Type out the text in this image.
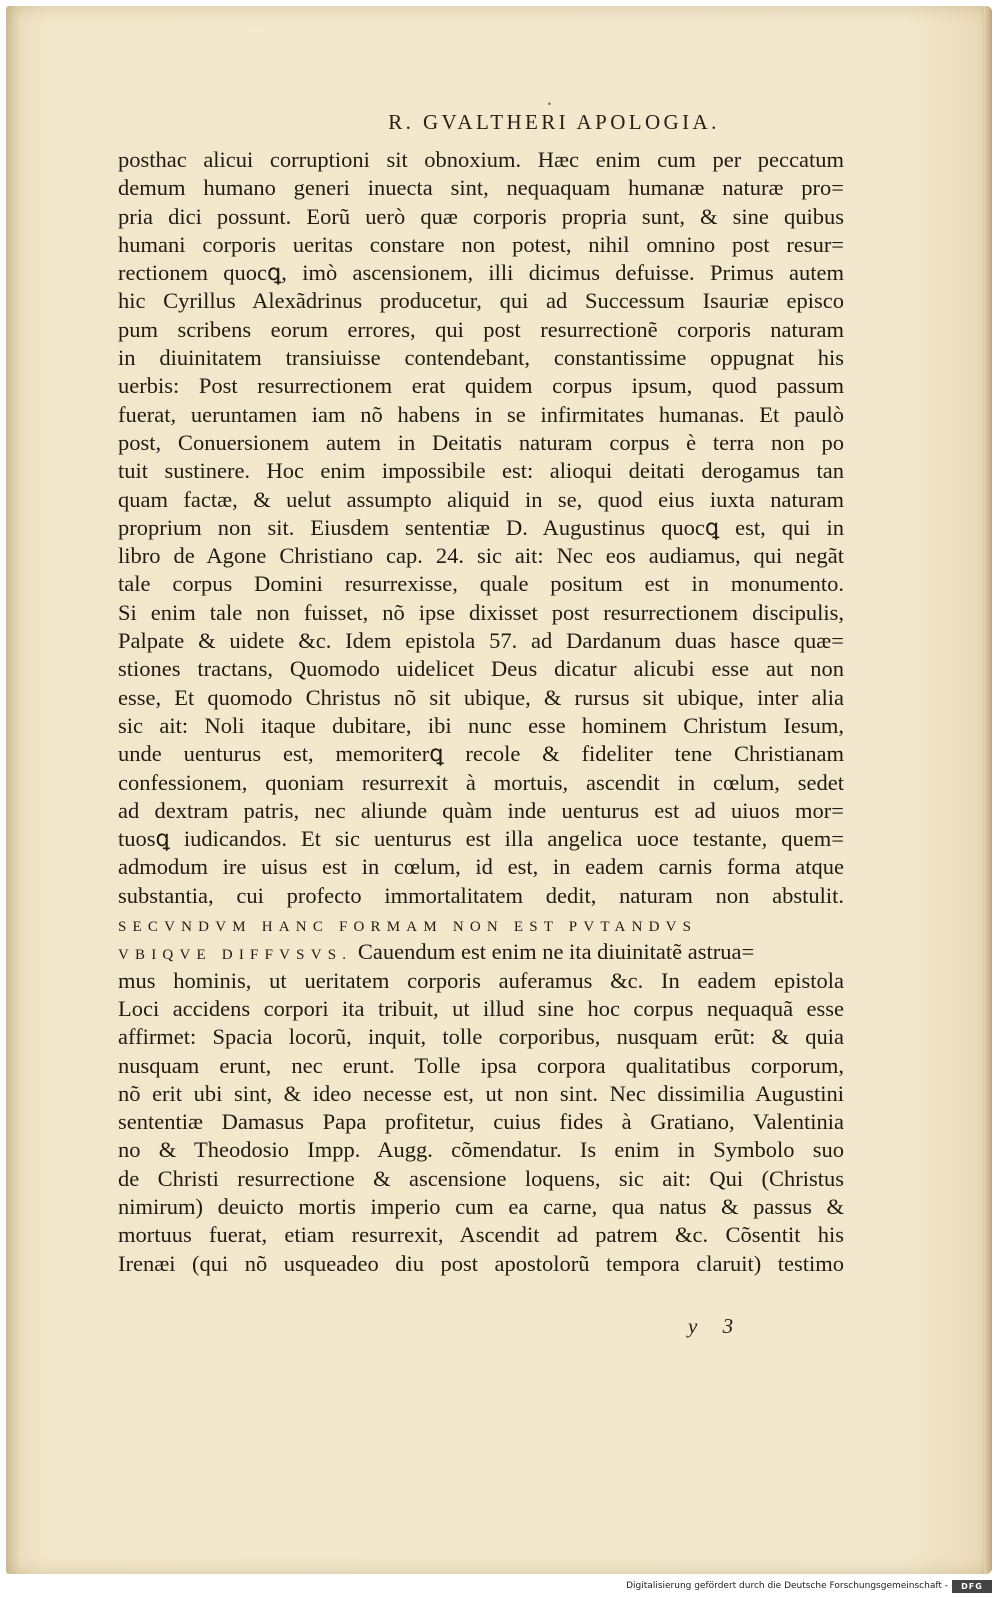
•
R. GVALTHERI APOLOGIA.
posthac alicui corruptioni sit obnoxium. Hæc enim cum per peccatum
demum humano generi inuecta sint, nequaquam humanæ naturæ pro=
pria dici possunt. Eorũ uerò quæ corporis propria sunt, & sine quibus
humani corporis ueritas constare non potest, nihil omnino post resur=
rectionem quocꝗ, imò ascensionem, illi dicimus defuisse. Primus autem
hic Cyrillus Alexãdrinus producetur, qui ad Successum Isauriæ episco
pum scribens eorum errores, qui post resurrectionẽ corporis naturam
in diuinitatem transiuisse contendebant, constantissime oppugnat his
uerbis: Post resurrectionem erat quidem corpus ipsum, quod passum
fuerat, ueruntamen iam nõ habens in se infirmitates humanas. Et paulò
post, Conuersionem autem in Deitatis naturam corpus è terra non po
tuit sustinere. Hoc enim impossibile est: alioqui deitati derogamus tan
quam factæ, & uelut assumpto aliquid in se, quod eius iuxta naturam
proprium non sit. Eiusdem sententiæ D. Augustinus quocꝗ est, qui in
libro de Agone Christiano cap. 24. sic ait: Nec eos audiamus, qui negãt
tale corpus Domini resurrexisse, quale positum est in monumento.
Si enim tale non fuisset, nõ ipse dixisset post resurrectionem discipulis,
Palpate & uidete &c. Idem epistola 57. ad Dardanum duas hasce quæ=
stiones tractans, Quomodo uidelicet Deus dicatur alicubi esse aut non
esse, Et quomodo Christus nõ sit ubique, & rursus sit ubique, inter alia
sic ait: Noli itaque dubitare, ibi nunc esse hominem Christum Iesum,
unde uenturus est, memoriterꝗ recole & fideliter tene Christianam
confessionem, quoniam resurrexit à mortuis, ascendit in cœlum, sedet
ad dextram patris, nec aliunde quàm inde uenturus est ad uiuos mor=
tuosꝗ iudicandos. Et sic uenturus est illa angelica uoce testante, quem=
admodum ire uisus est in cœlum, id est, in eadem carnis forma atque
substantia, cui profecto immortalitatem dedit, naturam non abstulit.
SECVNDVM HANC FORMAM NON EST PVTANDVS
VBIQVE DIFFVSVS. Cauendum est enim ne ita diuinitatẽ astrua=
mus hominis, ut ueritatem corporis auferamus &c. In eadem epistola
Loci accidens corpori ita tribuit, ut illud sine hoc corpus nequaquã esse
affirmet: Spacia locorũ, inquit, tolle corporibus, nusquam erũt: & quia
nusquam erunt, nec erunt. Tolle ipsa corpora qualitatibus corporum,
nõ erit ubi sint, & ideo necesse est, ut non sint. Nec dissimilia Augustini
sententiæ Damasus Papa profitetur, cuius fides à Gratiano, Valentinia
no & Theodosio Impp. Augg. cõmendatur. Is enim in Symbolo suo
de Christi resurrectione & ascensione loquens, sic ait: Qui (Christus
nimirum) deuicto mortis imperio cum ea carne, qua natus & passus &
mortuus fuerat, etiam resurrexit, Ascendit ad patrem &c. Cõsentit his
Irenæi (qui nõ usqueadeo diu post apostolorũ tempora claruit) testimo
y 3
Digitalisierung gefördert durch die Deutsche Forschungsgemeinschaft -	DFG
